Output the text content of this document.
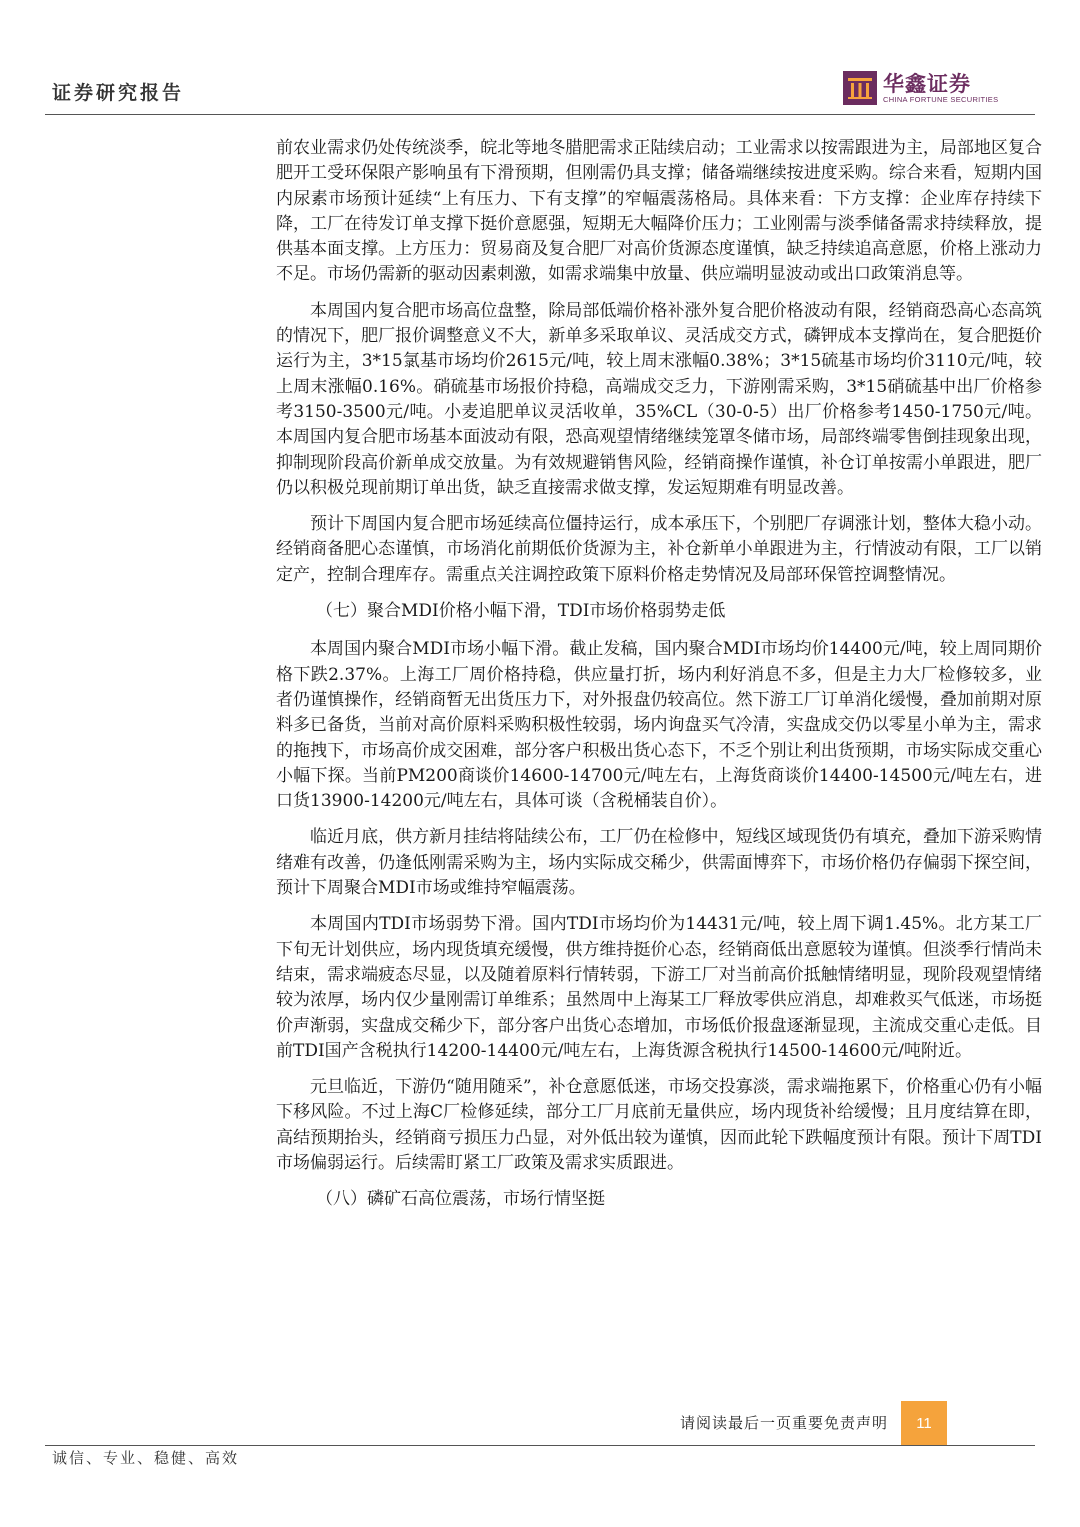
证券研究报告	华鑫证券
CHINA FORTUNE SECURITIES

前农业需求仍处传统淡季，皖北等地冬腊肥需求正陆续启动；工业需求以按需跟进为主，局部地区复合肥开工受环保限产影响虽有下滑预期，但刚需仍具支撑；储备端继续按进度采购。综合来看，短期内国内尿素市场预计延续“上有压力、下有支撑”的窄幅震荡格局。具体来看：下方支撑：企业库存持续下降，工厂在待发订单支撑下挺价意愿强，短期无大幅降价压力；工业刚需与淡季储备需求持续释放，提供基本面支撑。上方压力：贸易商及复合肥厂对高价货源态度谨慎，缺乏持续追高意愿，价格上涨动力不足。市场仍需新的驱动因素刺激，如需求端集中放量、供应端明显波动或出口政策消息等。

本周国内复合肥市场高位盘整，除局部低端价格补涨外复合肥价格波动有限，经销商恐高心态高筑的情况下，肥厂报价调整意义不大，新单多采取单议、灵活成交方式，磷钾成本支撑尚在，复合肥挺价运行为主，3*15氯基市场均价2615元/吨，较上周末涨幅0.38%；3*15硫基市场均价3110元/吨，较上周末涨幅0.16%。硝硫基市场报价持稳，高端成交乏力，下游刚需采购，3*15硝硫基中出厂价格参考3150-3500元/吨。小麦追肥单议灵活收单，35%CL（30-0-5）出厂价格参考1450-1750元/吨。本周国内复合肥市场基本面波动有限，恐高观望情绪继续笼罩冬储市场，局部终端零售倒挂现象出现，抑制现阶段高价新单成交放量。为有效规避销售风险，经销商操作谨慎，补仓订单按需小单跟进，肥厂仍以积极兑现前期订单出货，缺乏直接需求做支撑，发运短期难有明显改善。

预计下周国内复合肥市场延续高位僵持运行，成本承压下，个别肥厂存调涨计划，整体大稳小动。经销商备肥心态谨慎，市场消化前期低价货源为主，补仓新单小单跟进为主，行情波动有限，工厂以销定产，控制合理库存。需重点关注调控政策下原料价格走势情况及局部环保管控调整情况。

（七）聚合MDI价格小幅下滑，TDI市场价格弱势走低

本周国内聚合MDI市场小幅下滑。截止发稿，国内聚合MDI市场均价14400元/吨，较上周同期价格下跌2.37%。上海工厂周价格持稳，供应量打折，场内利好消息不多，但是主力大厂检修较多，业者仍谨慎操作，经销商暂无出货压力下，对外报盘仍较高位。然下游工厂订单消化缓慢，叠加前期对原料多已备货，当前对高价原料采购积极性较弱，场内询盘买气冷清，实盘成交仍以零星小单为主，需求的拖拽下，市场高价成交困难，部分客户积极出货心态下，不乏个别让利出货预期，市场实际成交重心小幅下探。当前PM200商谈价14600-14700元/吨左右，上海货商谈价14400-14500元/吨左右，进口货13900-14200元/吨左右，具体可谈（含税桶装自价）。

临近月底，供方新月挂结将陆续公布，工厂仍在检修中，短线区域现货仍有填充，叠加下游采购情绪难有改善，仍逢低刚需采购为主，场内实际成交稀少，供需面博弈下，市场价格仍存偏弱下探空间，预计下周聚合MDI市场或维持窄幅震荡。

本周国内TDI市场弱势下滑。国内TDI市场均价为14431元/吨，较上周下调1.45%。北方某工厂下旬无计划供应，场内现货填充缓慢，供方维持挺价心态，经销商低出意愿较为谨慎。但淡季行情尚未结束，需求端疲态尽显，以及随着原料行情转弱，下游工厂对当前高价抵触情绪明显，现阶段观望情绪较为浓厚，场内仅少量刚需订单维系；虽然周中上海某工厂释放零供应消息，却难救买气低迷，市场挺价声渐弱，实盘成交稀少下，部分客户出货心态增加，市场低价报盘逐渐显现，主流成交重心走低。目前TDI国产含税执行14200-14400元/吨左右，上海货源含税执行14500-14600元/吨附近。

元旦临近，下游仍“随用随采”，补仓意愿低迷，市场交投寡淡，需求端拖累下，价格重心仍有小幅下移风险。不过上海C厂检修延续，部分工厂月底前无量供应，场内现货补给缓慢；且月度结算在即，高结预期抬头，经销商亏损压力凸显，对外低出较为谨慎，因而此轮下跌幅度预计有限。预计下周TDI市场偏弱运行。后续需盯紧工厂政策及需求实质跟进。

（八）磷矿石高位震荡，市场行情坚挺
请阅读最后一页重要免责声明	11
诚信、专业、稳健、高效
